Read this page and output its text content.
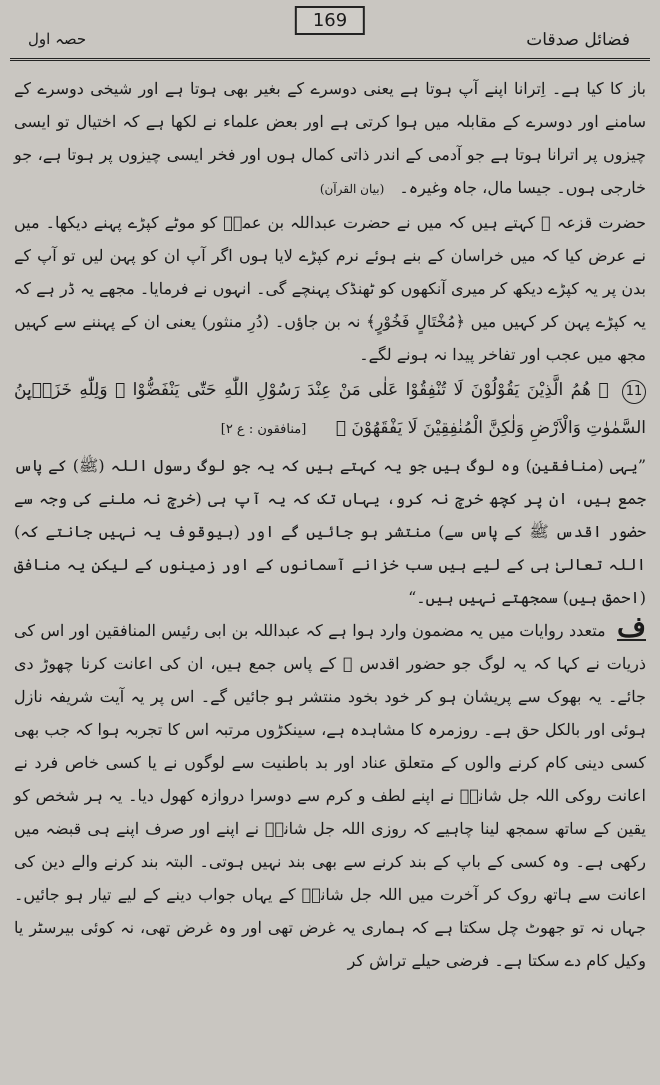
فضائل صدقات
169
حصہ اول

باز کا کیا ہے۔ اِترانا اپنے آپ ہوتا ہے یعنی دوسرے کے بغیر بھی ہوتا ہے اور شیخی دوسرے کے سامنے اور دوسرے کے مقابلہ میں ہوا کرتی ہے اور بعض علماء نے لکھا ہے کہ اختیال تو ایسی چیزوں پر اترانا ہوتا ہے جو آدمی کے اندر ذاتی کمال ہوں اور فخر ایسی چیزوں پر ہوتا ہے، جو خارجی ہوں۔ جیسا مال، جاہ وغیرہ۔ (بیان القرآن)

حضرت قزعہ ؒ کہتے ہیں کہ میں نے حضرت عبداللہ بن عمرؓ کو موٹے کپڑے پہنے دیکھا۔ میں نے عرض کیا کہ میں خراسان کے بنے ہوئے نرم کپڑے لایا ہوں اگر آپ ان کو پہن لیں تو آپ کے بدن پر یہ کپڑے دیکھ کر میری آنکھوں کو ٹھنڈک پہنچے گی۔ انہوں نے فرمایا۔ مجھے یہ ڈر ہے کہ یہ کپڑے پہن کر کہیں میں ﴿مُخْتَالٍ فَخُوْرٍ﴾ نہ بن جاؤں۔ (دُرِ منثور) یعنی ان کے پہننے سے کہیں مجھ میں عجب اور تفاخر پیدا نہ ہونے لگے۔

11 ﴿ هُمُ الَّذِيْنَ يَقُوْلُوْنَ لَا تُنْفِقُوْا عَلٰى مَنْ عِنْدَ رَسُوْلِ اللّٰهِ حَتّٰى يَنْفَضُّوْا ۭ وَلِلّٰهِ خَزَاۗىِٕنُ السَّمٰوٰتِ وَالْاَرْضِ وَلٰكِنَّ الْمُنٰفِقِيْنَ لَا يَفْقَهُوْنَ ﴾ [منافقون : ع ۲]

”یہی (منافقین) وہ لوگ ہیں جو یہ کہتے ہیں کہ یہ جو لوگ رسول اللہ (ﷺ) کے پاس جمع ہیں، ان پر کچھ خرچ نہ کرو، یہاں تک کہ یہ آپ ہی (خرچ نہ ملنے کی وجہ سے حضور اقدس ﷺ کے پاس سے) منتشر ہو جائیں گے اور (بیوقوف یہ نہیں جانتے کہ) اللہ تعالیٰ ہی کے لیے ہیں سب خزانے آسمانوں کے اور زمینوں کے لیکن یہ منافق (احمق ہیں) سمجھتے نہیں ہیں۔“

ف متعدد روایات میں یہ مضمون وارد ہوا ہے کہ عبداللہ بن ابی رئیس المنافقین اور اس کی ذریات نے کہا کہ یہ لوگ جو حضور اقدس ﷺ کے پاس جمع ہیں، ان کی اعانت کرنا چھوڑ دی جائے۔ یہ بھوک سے پریشان ہو کر خود بخود منتشر ہو جائیں گے۔ اس پر یہ آیت شریفہ نازل ہوئی اور بالکل حق ہے۔ روزمرہ کا مشاہدہ ہے، سینکڑوں مرتبہ اس کا تجربہ ہوا کہ جب بھی کسی دینی کام کرنے والوں کے متعلق عناد اور بد باطنیت سے لوگوں نے یا کسی خاص فرد نے اعانت روکی اللہ جل شانہٗ نے اپنے لطف و کرم سے دوسرا دروازہ کھول دیا۔ یہ ہر شخص کو یقین کے ساتھ سمجھ لینا چاہیے کہ روزی اللہ جل شانہٗ نے اپنے اور صرف اپنے ہی قبضہ میں رکھی ہے۔ وہ کسی کے باپ کے بند کرنے سے بھی بند نہیں ہوتی۔ البتہ بند کرنے والے دین کی اعانت سے ہاتھ روک کر آخرت میں اللہ جل شانہٗ کے یہاں جواب دینے کے لیے تیار ہو جائیں۔ جہاں نہ تو جھوٹ چل سکتا ہے کہ ہماری یہ غرض تھی اور وہ غرض تھی، نہ کوئی بیرسٹر یا وکیل کام دے سکتا ہے۔ فرضی حیلے تراش کر
